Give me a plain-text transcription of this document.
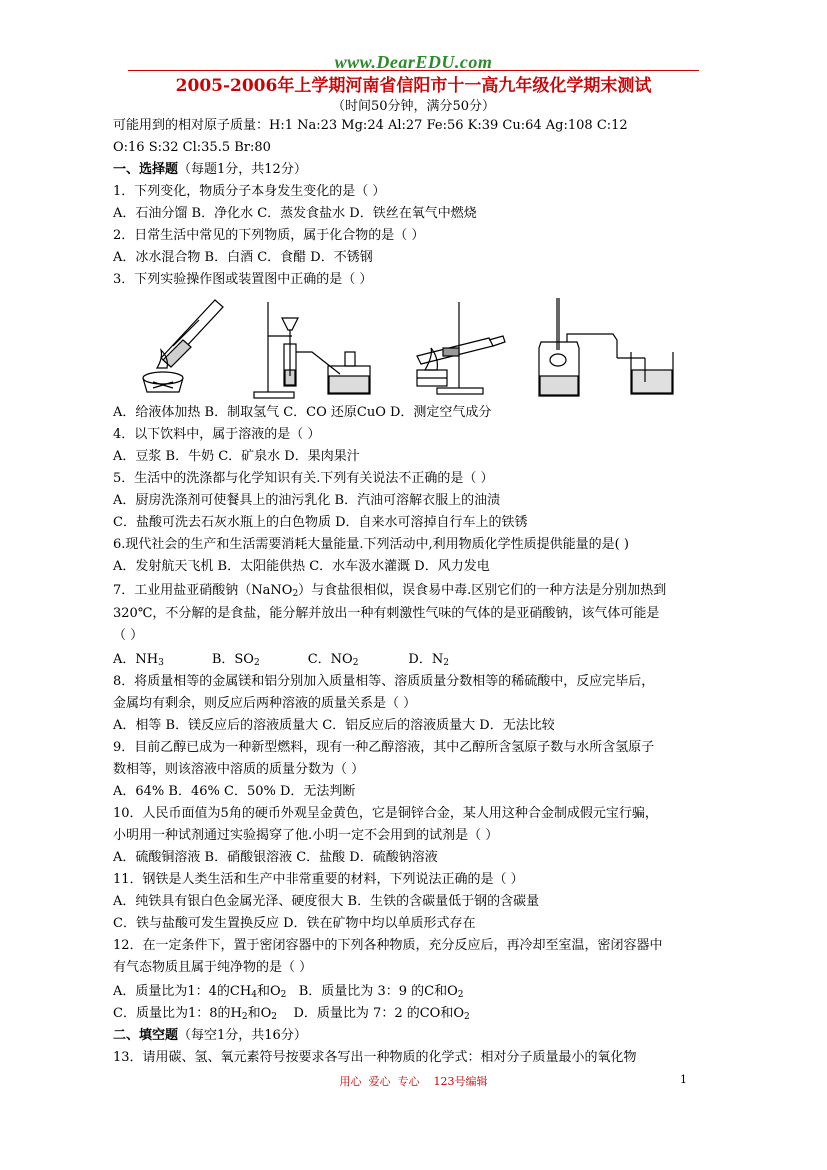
www.DearEDU.com
2005-2006年上学期河南省信阳市十一高九年级化学期末测试
（时间50分钟，满分50分）
可能用到的相对原子质量：H:1 Na:23 Mg:24 Al:27 Fe:56 K:39 Cu:64 Ag:108 C:12
O:16 S:32 Cl:35.5 Br:80
一、选择题（每题1分，共12分）
1．下列变化，物质分子本身发生变化的是（ ）
A．石油分馏 B．净化水 C．蒸发食盐水 D．铁丝在氧气中燃烧
2．日常生活中常见的下列物质，属于化合物的是（ ）
A．冰水混合物 B．白酒 C．食醋 D．不锈钢
3．下列实验操作图或装置图中正确的是（ ）
A．给液体加热 B．制取氢气 C．CO 还原CuO D．测定空气成分
4．以下饮料中，属于溶液的是（ ）
A．豆浆 B．牛奶 C．矿泉水 D．果肉果汁
5．生活中的洗涤都与化学知识有关.下列有关说法不正确的是（ ）
A．厨房洗涤剂可使餐具上的油污乳化 B．汽油可溶解衣服上的油渍
C．盐酸可洗去石灰水瓶上的白色物质 D．自来水可溶掉自行车上的铁锈
6.现代社会的生产和生活需要消耗大量能量.下列活动中,利用物质化学性质提供能量的是( )
A．发射航天飞机 B．太阳能供热 C．水车汲水灌溉 D．风力发电
7．工业用盐亚硝酸钠（NaNO$_2$）与食盐很相似，误食易中毒.区别它们的一种方法是分别加热到
320℃，不分解的是食盐，能分解并放出一种有刺激性气味的气体的是亚硝酸钠，该气体可能是
（ ）
A．$NH_3$	B．$SO_2$	C．$NO_2$	D．$N_2$
8．将质量相等的金属镁和铝分别加入质量相等、溶质质量分数相等的稀硫酸中，反应完毕后，
金属均有剩余，则反应后两种溶液的质量关系是（ ）
A．相等 B．镁反应后的溶液质量大 C．铝反应后的溶液质量大 D．无法比较
9．目前乙醇已成为一种新型燃料，现有一种乙醇溶液，其中乙醇所含氢原子数与水所含氢原子
数相等，则该溶液中溶质的质量分数为（ ）
A．64% B．46% C．50% D．无法判断
10．人民币面值为5角的硬币外观呈金黄色，它是铜锌合金，某人用这种合金制成假元宝行骗，
小明用一种试剂通过实验揭穿了他.小明一定不会用到的试剂是（ ）
A．硫酸铜溶液 B．硝酸银溶液 C．盐酸 D．硫酸钠溶液
11．钢铁是人类生活和生产中非常重要的材料，下列说法正确的是（ ）
A．纯铁具有银白色金属光泽、硬度很大 B．生铁的含碳量低于钢的含碳量
C．铁与盐酸可发生置换反应 D．铁在矿物中均以单质形式存在
12．在一定条件下，置于密闭容器中的下列各种物质，充分反应后，再冷却至室温，密闭容器中
有气态物质且属于纯净物的是（ ）
A．质量比为1：4的$CH_4$和$O_2$   B．质量比为 3：9 的C和$O_2$
C．质量比为1：8的$H_2$和$O_2$    D．质量比为 7：2 的CO和$O_2$
二、填空题（每空1分，共16分）
13．请用碳、氢、氧元素符号按要求各写出一种物质的化学式：相对分子质量最小的氧化物
用心  爱心  专心    123号编辑	1
